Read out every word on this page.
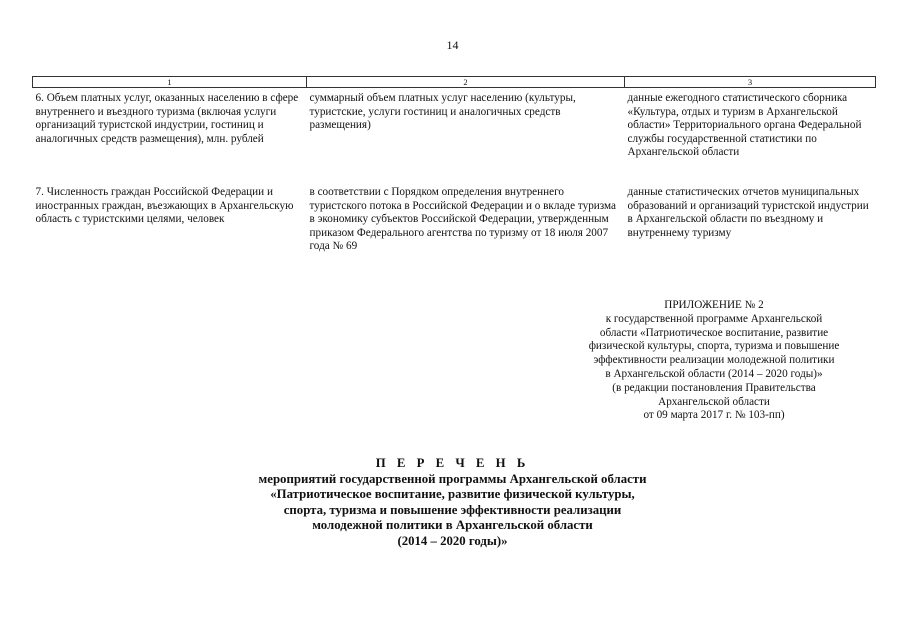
14
1	2	3
6. Объем платных услуг, оказанных населению в сфере внутреннего и въездного туризма (включая услуги организаций туристской индустрии, гостиниц и аналогичных средств размещения), млн. рублей	суммарный объем платных услуг населению (культуры, туристские, услуги гостиниц и аналогичных средств размещения)	данные ежегодного статистического сборника «Культура, отдых и туризм в Архангельской области» Территориального органа Федеральной службы государственной статистики по Архангельской области
7. Численность граждан Российской Федерации и иностранных граждан, въезжающих в Архангельскую область с туристскими целями, человек	в соответствии с Порядком определения внутреннего туристского потока в Российской Федерации и о вкладе туризма в экономику субъектов Российской Федерации, утвержденным приказом Федерального агентства по туризму от 18 июля 2007 года № 69	данные статистических отчетов муниципальных образований и организаций туристской индустрии в Архангельской области по въездному и внутреннему туризму
ПРИЛОЖЕНИЕ № 2
к государственной программе Архангельской
области «Патриотическое воспитание, развитие
физической культуры, спорта, туризма и повышение
эффективности реализации молодежной политики
в Архангельской области (2014 – 2020 годы)»
(в редакции постановления Правительства
Архангельской области
от 09 марта 2017 г. № 103-пп)
П Е Р Е Ч Е Н Ь
мероприятий государственной программы Архангельской области
«Патриотическое воспитание, развитие физической культуры,
спорта, туризма и повышение эффективности реализации
молодежной политики в Архангельской области
(2014 – 2020 годы)»
